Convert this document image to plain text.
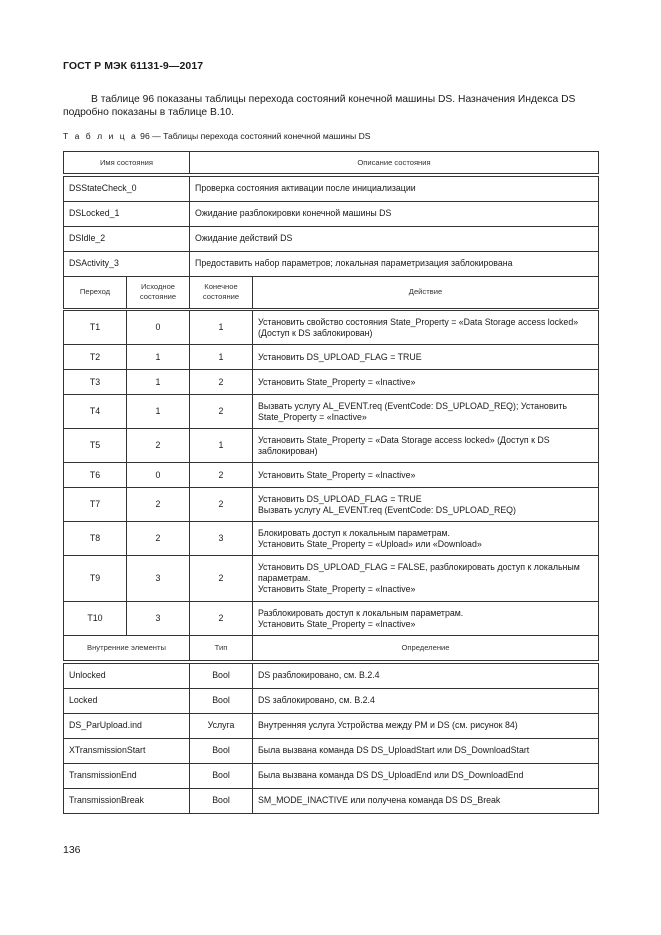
ГОСТ Р МЭК 61131-9—2017

В таблице 96 показаны таблицы перехода состояний конечной машины DS. Назначения Индекса DS подробно показаны в таблице В.10.

Т а б л и ц а 96 — Таблицы перехода состояний конечной машины DS
Имя состояния		Описание состояния	

DSStateCheck_0		Проверка состояния активации после инициализации	
DSLocked_1		Ожидание разблокировки конечной машины DS	
DSIdle_2		Ожидание действий DS	
DSActivity_3		Предоставить набор параметров; локальная параметризация заблокирована	
Переход	Исходное состояние	Конечное состояние	Действие

T1	0	1	Установить свойство состояния State_Property = «Data Storage access locked» (Доступ к DS заблокирован)
T2	1	1	Установить DS_UPLOAD_FLAG = TRUE
T3	1	2	Установить State_Property = «Inactive»
T4	1	2	Вызвать услугу AL_EVENT.req (EventCode: DS_UPLOAD_REQ); Установить State_Property = «Inactive»
T5	2	1	Установить State_Property = «Data Storage access locked» (Доступ к DS заблокирован)
T6	0	2	Установить State_Property = «Inactive»
T7	2	2	Установить DS_UPLOAD_FLAG = TRUE
Вызвать услугу AL_EVENT.req (EventCode: DS_UPLOAD_REQ)
T8	2	3	Блокировать доступ к локальным параметрам.
Установить State_Property = «Upload» или «Download»
T9	3	2	Установить DS_UPLOAD_FLAG = FALSE, разблокировать доступ к локальным параметрам.
Установить State_Property = «Inactive»
T10	3	2	Разблокировать доступ к локальным параметрам.
Установить State_Property = «Inactive»
Внутренние элементы		Тип	Определение

Unlocked		Bool	DS разблокировано, см. B.2.4
Locked		Bool	DS заблокировано, см. B.2.4
DS_ParUpload.ind		Услуга	Внутренняя услуга Устройства между PM и DS (см. рисунок 84)
XTransmissionStart		Bool	Была вызвана команда DS DS_UploadStart или DS_DownloadStart
TransmissionEnd		Bool	Была вызвана команда DS DS_UploadEnd или DS_DownloadEnd
TransmissionBreak		Bool	SM_MODE_INACTIVE или получена команда DS DS_Break
136
